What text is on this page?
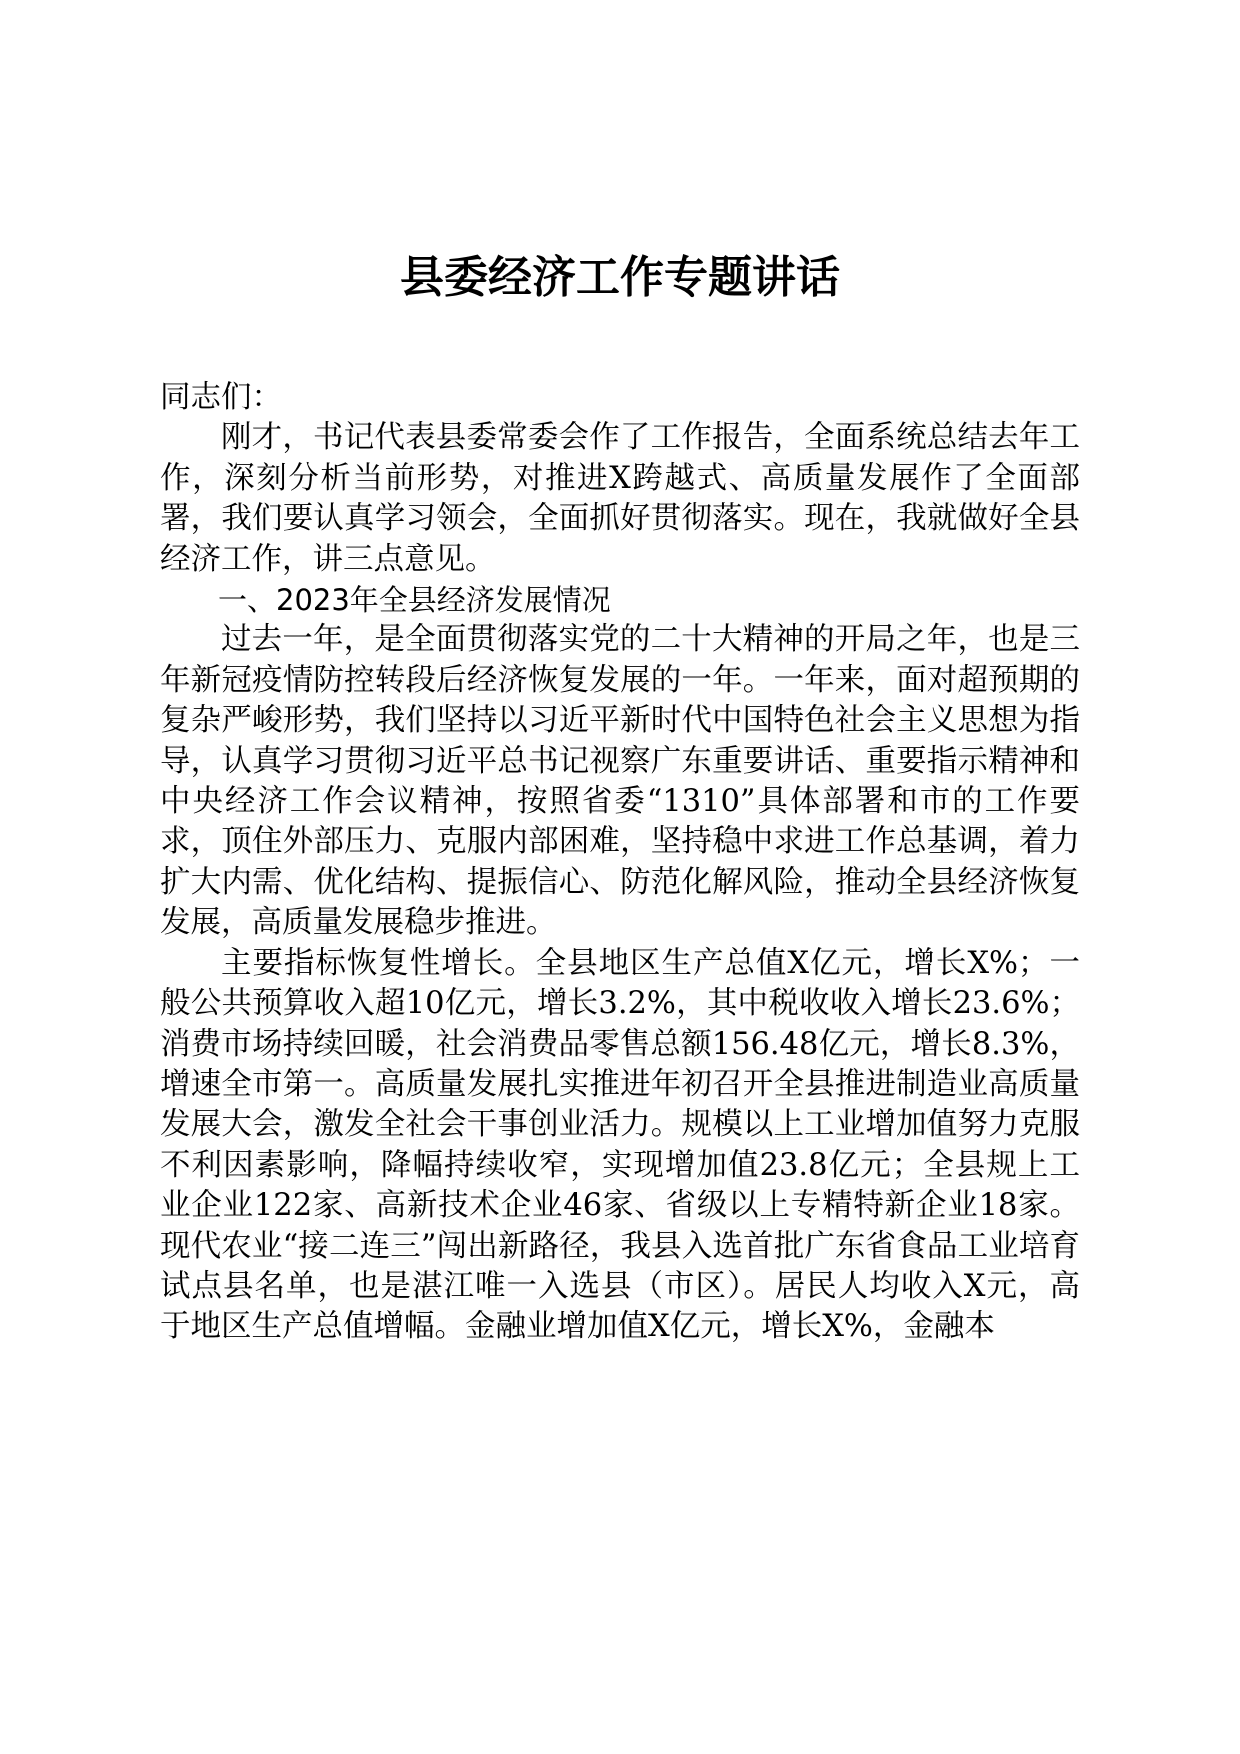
县委经济工作专题讲话

同志们：

刚才，书记代表县委常委会作了工作报告，全面系统总结去年工作，深刻分析当前形势，对推进X跨越式、高质量发展作了全面部署，我们要认真学习领会，全面抓好贯彻落实。现在，我就做好全县经济工作，讲三点意见。

一、2023年全县经济发展情况

过去一年，是全面贯彻落实党的二十大精神的开局之年，也是三年新冠疫情防控转段后经济恢复发展的一年。一年来，面对超预期的复杂严峻形势，我们坚持以习近平新时代中国特色社会主义思想为指导，认真学习贯彻习近平总书记视察广东重要讲话、重要指示精神和中央经济工作会议精神，按照省委“1310”具体部署和市的工作要求，顶住外部压力、克服内部困难，坚持稳中求进工作总基调，着力扩大内需、优化结构、提振信心、防范化解风险，推动全县经济恢复发展，高质量发展稳步推进。

主要指标恢复性增长。全县地区生产总值X亿元，增长X%；一般公共预算收入超10亿元，增长3.2%，其中税收收入增长23.6%；消费市场持续回暖，社会消费品零售总额156.48亿元，增长8.3%，增速全市第一。高质量发展扎实推进年初召开全县推进制造业高质量发展大会，激发全社会干事创业活力。规模以上工业增加值努力克服不利因素影响，降幅持续收窄，实现增加值23.8亿元；全县规上工业企业122家、高新技术企业46家、省级以上专精特新企业18家。现代农业“接二连三”闯出新路径，我县入选首批广东省食品工业培育试点县名单，也是湛江唯一入选县（市区）。居民人均收入X元，高于地区生产总值增幅。金融业增加值X亿元，增长X%，金融本
